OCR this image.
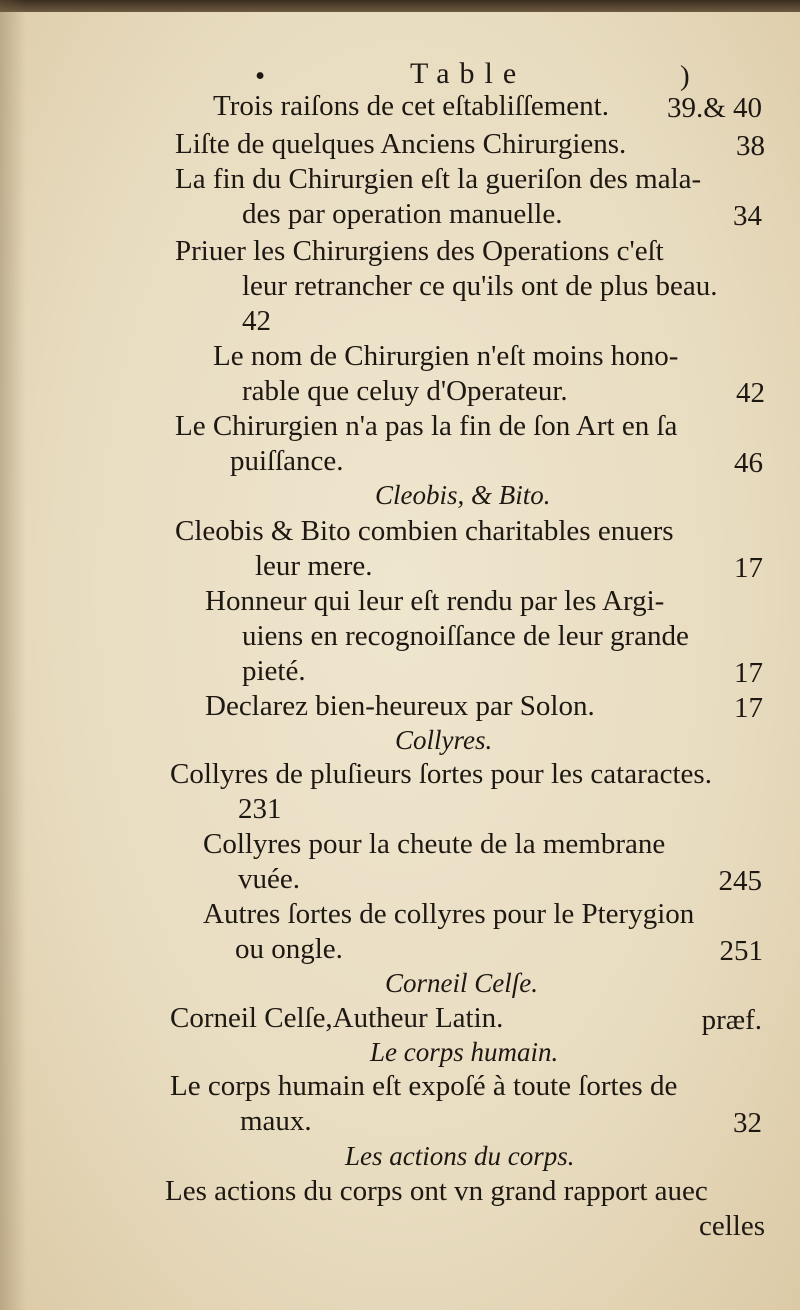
•	Table	)
Trois raiſons de cet eſtabliſſement. 39.& 40
Liſte de quelques Anciens Chirurgiens.	38
La fin du Chirurgien eſt la gueriſon des mala-
des par operation manuelle.	34
Priuer les Chirurgiens des Operations c'eſt
leur retrancher ce qu'ils ont de plus beau.
42
Le nom de Chirurgien n'eſt moins hono-
rable que celuy d'Operateur.	42
Le Chirurgien n'a pas la fin de ſon Art en ſa
puiſſance.	46
Cleobis, & Bito.
Cleobis & Bito combien charitables enuers
leur mere.	17
Honneur qui leur eſt rendu par les Argi-
uiens en recognoiſſance de leur grande
pieté.	17
Declarez bien-heureux par Solon.	17
Collyres.
Collyres de pluſieurs ſortes pour les cataractes.
231
Collyres pour la cheute de la membrane
vuée.	245
Autres ſortes de collyres pour le Pterygion
ou ongle.	251
Corneil Celſe.
Corneil Celſe,Autheur Latin.	præf.
Le corps humain.
Le corps humain eſt expoſé à toute ſortes de
maux.	32
Les actions du corps.
Les actions du corps ont vn grand rapport auec
celles
